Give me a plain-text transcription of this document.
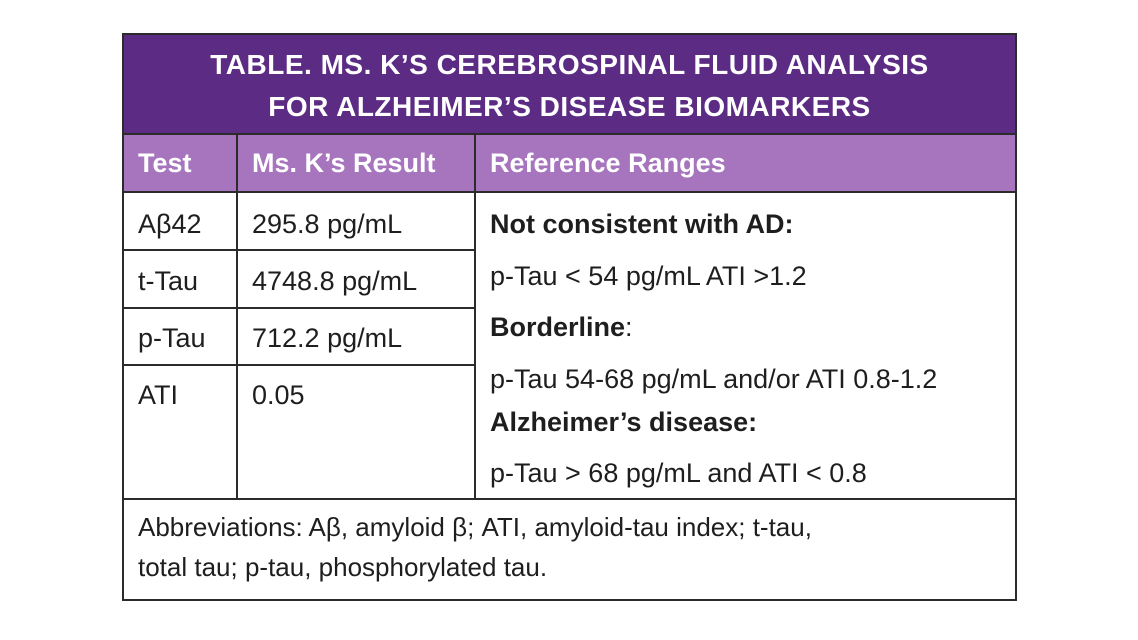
TABLE. MS. K’S CEREBROSPINAL FLUID ANALYSIS
FOR ALZHEIMER’S DISEASE BIOMARKERS
Test Ms. K’s Result Reference Ranges
Aβ42 295.8 pg/mL
t-Tau 4748.8 pg/mL
p-Tau 712.2 pg/mL
ATI	0.05
Not consistent with AD:
p-Tau < 54 pg/mL ATI >1.2
Borderline:
p-Tau 54-68 pg/mL and/or ATI 0.8-1.2
Alzheimer’s disease:
p-Tau > 68 pg/mL and ATI < 0.8
Abbreviations: Aβ, amyloid β; ATI, amyloid-tau index; t-tau,
total tau; p-tau, phosphorylated tau.
